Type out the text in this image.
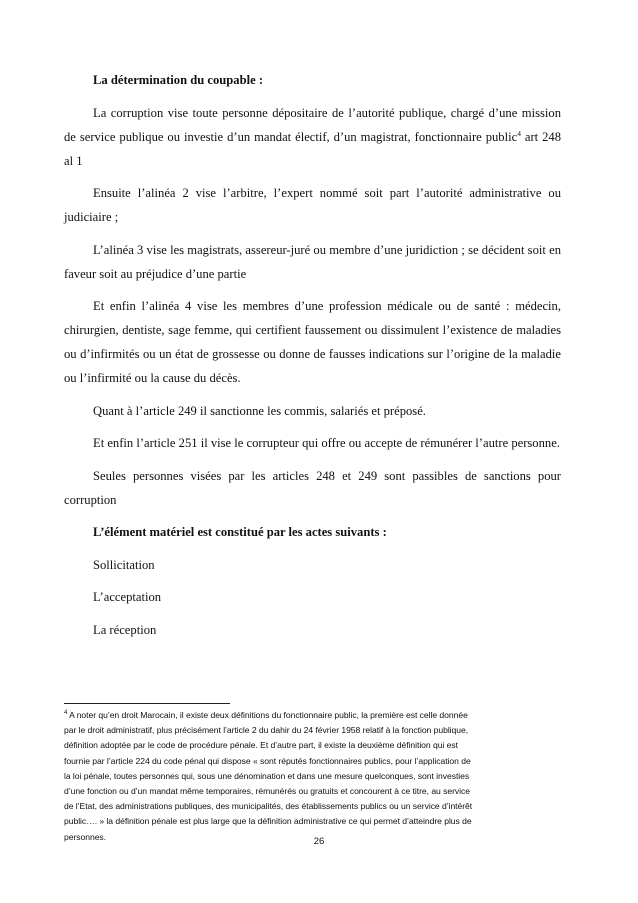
La détermination du coupable :

La corruption vise toute personne dépositaire de l’autorité publique, chargé d’une mission de service publique ou investie d’un mandat électif, d’un magistrat, fonctionnaire public$^4$ art 248 al 1

Ensuite l’alinéa 2 vise l’arbitre, l’expert nommé soit part l’autorité administrative ou judiciaire ;

L’alinéa 3 vise les magistrats, assereur-juré ou membre d’une juridiction ; se décident soit en faveur soit au préjudice d’une partie

Et enfin l’alinéa 4 vise les membres d’une profession médicale ou de santé : médecin, chirurgien, dentiste, sage femme, qui certifient faussement ou dissimulent l’existence de maladies ou d’infirmités ou un état de grossesse ou donne de fausses indications sur l’origine de la maladie ou l’infirmité ou la cause du décès.

Quant à l’article 249 il sanctionne les commis, salariés et préposé.

Et enfin l’article 251 il vise le corrupteur qui offre ou accepte de rémunérer l’autre personne.

Seules personnes visées par les articles 248 et 249 sont passibles de sanctions pour corruption

L’élément matériel est constitué par les actes suivants :

Sollicitation

L’acceptation

La réception

$^4$ A noter qu’en droit Marocain, il existe deux définitions du fonctionnaire public, la première est celle donnée
par le droit administratif, plus précisément l’article 2 du dahir du 24 février 1958 relatif à la fonction publique,
définition adoptée par le code de procédure pénale. Et d’autre part, il existe la deuxième définition qui est
fournie par l’article 224 du code pénal qui dispose « sont réputés fonctionnaires publics, pour l’application de
la loi pénale, toutes personnes qui, sous une dénomination et dans une mesure quelconques, sont investies
d’une fonction ou d’un mandat même temporaires, rémunérés ou gratuits et concourent à ce titre, au service
de l’Etat, des administrations publiques, des municipalités, des établissements publics ou un service d’intérêt
public…. » la définition pénale est plus large que la définition administrative ce qui permet d’atteindre plus de
personnes.	26
